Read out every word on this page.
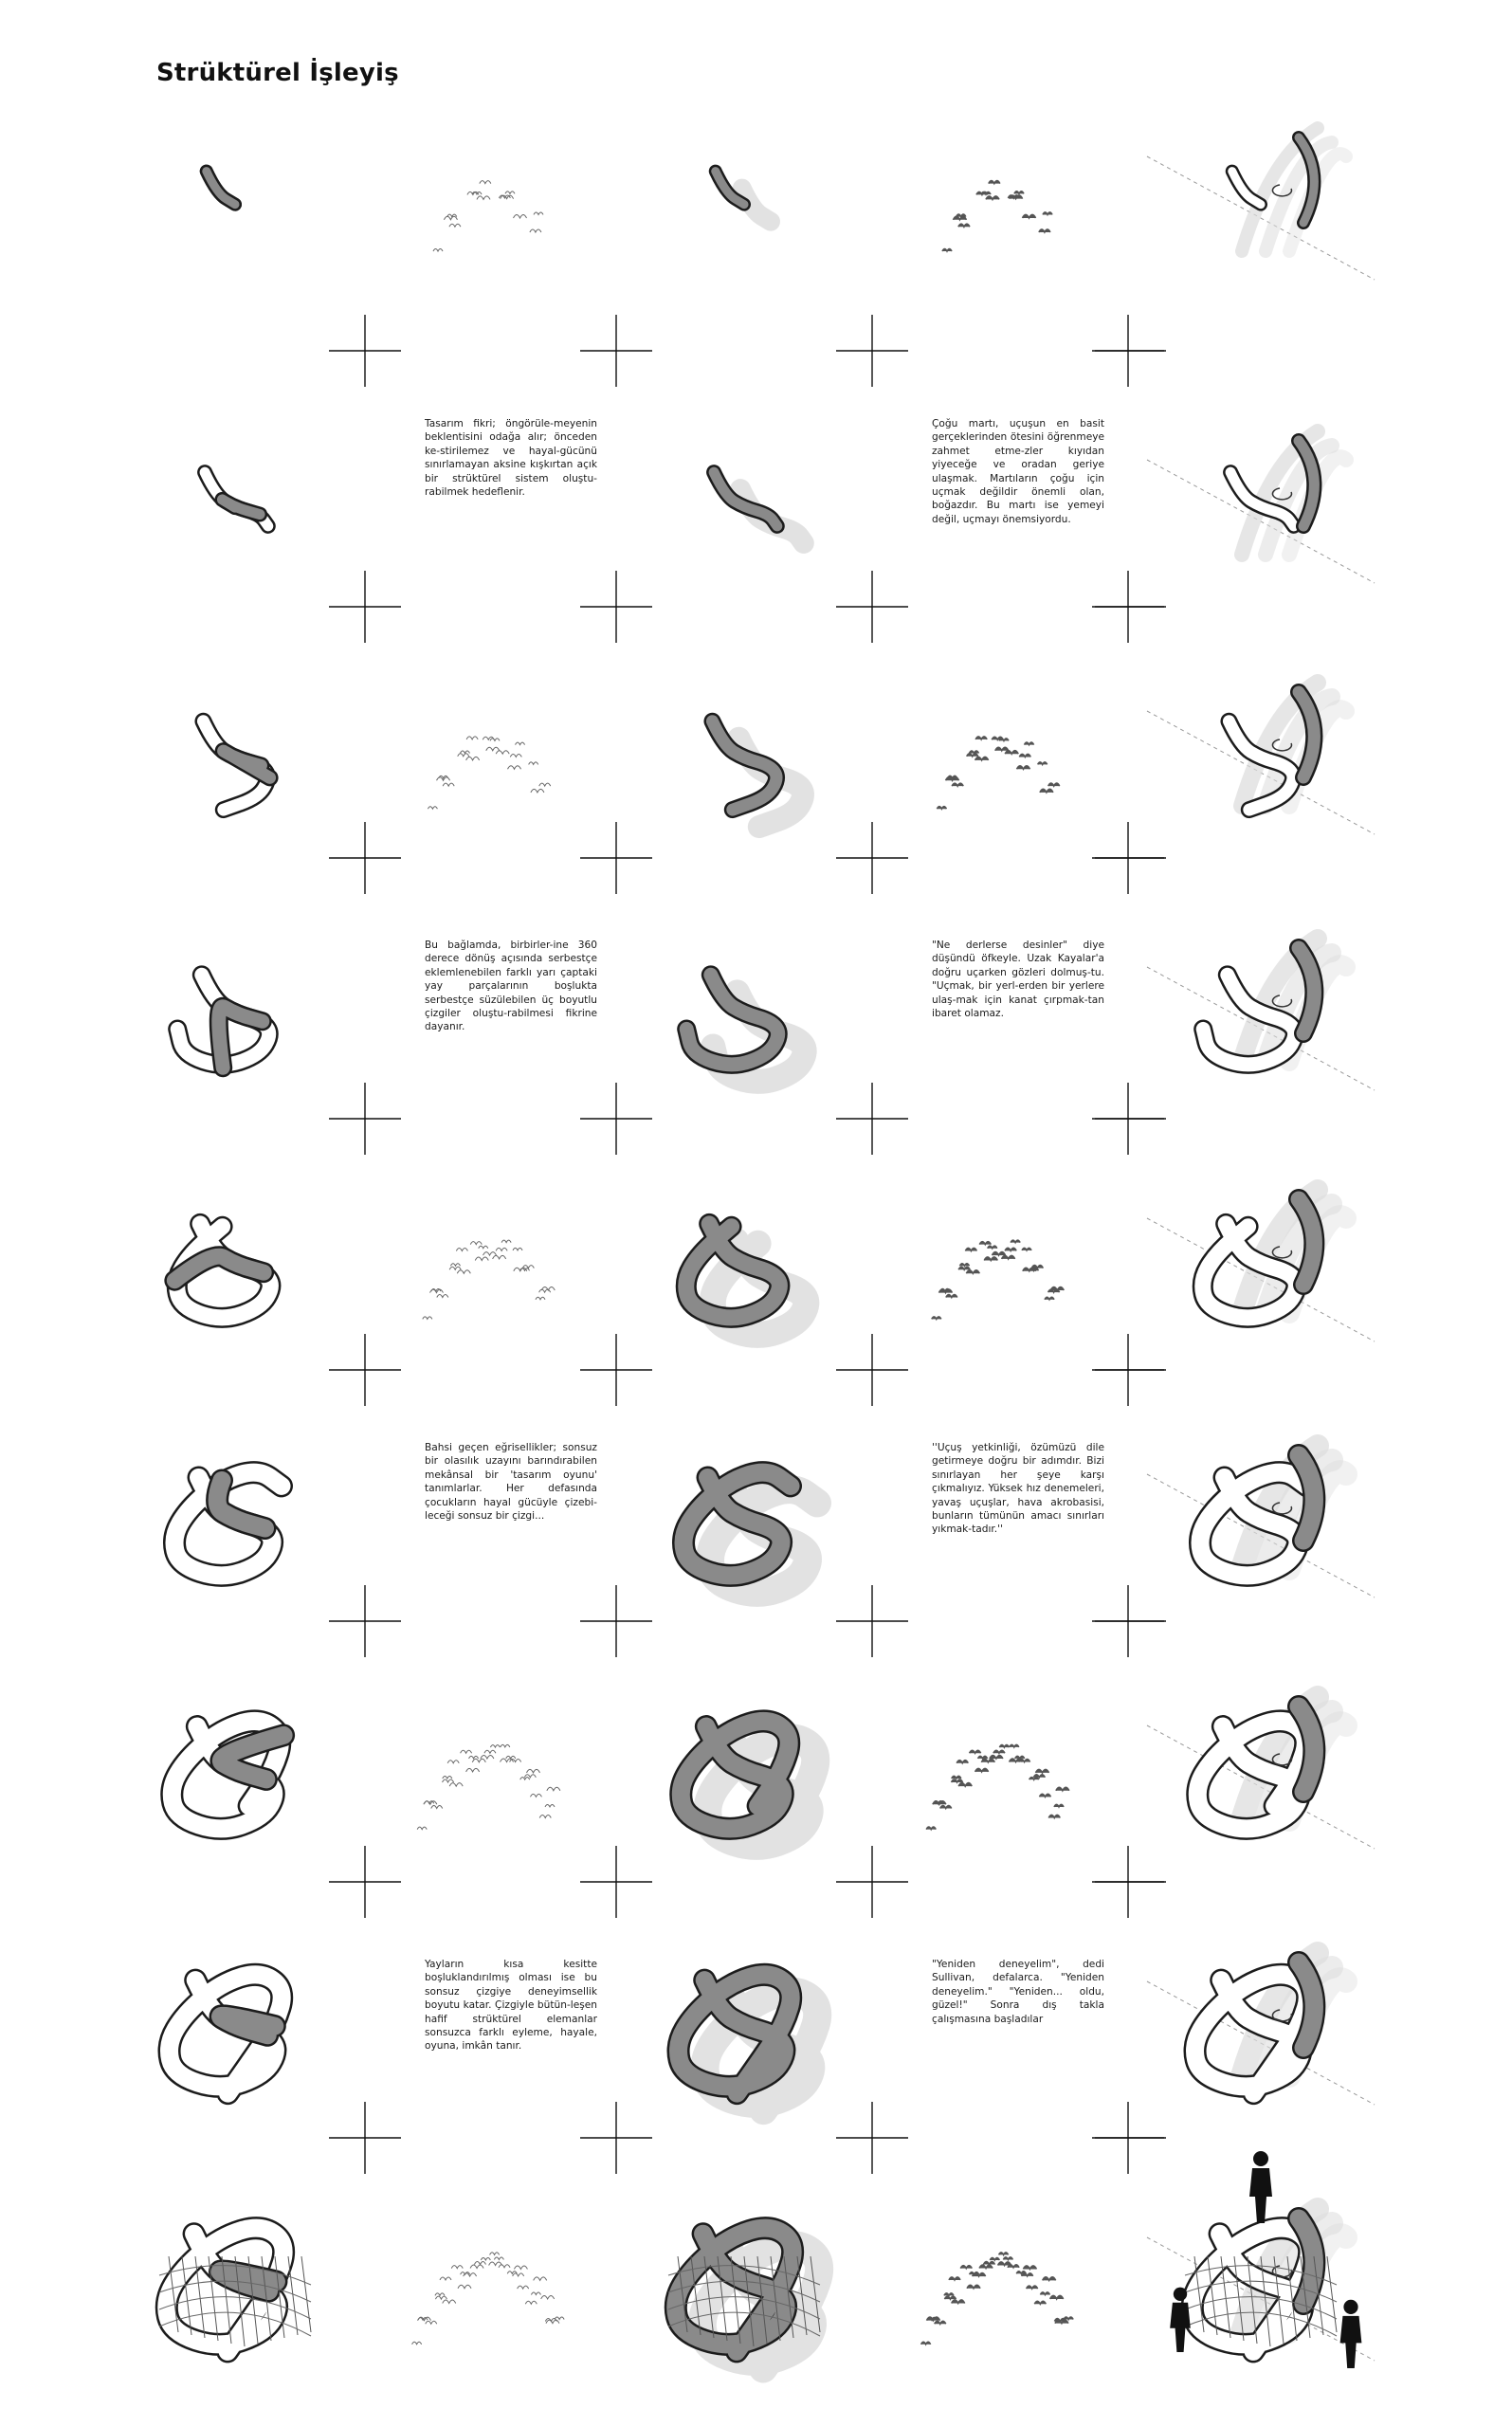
Strüktürel İşleyiş
Tasarım fikri; öngörüle-meyenin beklentisini odağa alır; önceden ke-stirilemez ve hayal-gücünü sınırlamayan aksine kışkırtan açık bir strüktürel sistem oluştu-rabilmek hedeflenir.
Çoğu martı, uçuşun en basit gerçeklerinden ötesini öğrenmeye zahmet etme-zler kıyıdan yiyeceğe ve oradan geriye ulaşmak. Martıların çoğu için uçmak değildir önemli olan, boğazdır. Bu martı ise yemeyi değil, uçmayı önemsiyordu.
Bu bağlamda, birbirler-ine 360 derece dönüş açısında serbestçe eklemlenebilen farklı yarı çaptaki yay parçalarının boşlukta serbestçe süzülebilen üç boyutlu çizgiler oluştu-rabilmesi fikrine dayanır.
"Ne derlerse desinler" diye düşündü öfkeyle. Uzak Kayalar'a doğru uçarken gözleri dolmuş-tu. "Uçmak, bir yerl-erden bir yerlere ulaş-mak için kanat çırpmak-tan ibaret olamaz.
Bahsi geçen eğrisellikler; sonsuz bir olasılık uzayını barındırabilen mekânsal bir 'tasarım oyunu' tanımlarlar. Her defasında çocukların hayal gücüyle çizebi-leceği sonsuz bir çizgi...
''Uçuş yetkinliği, özümüzü dile getirmeye doğru bir adımdır. Bizi sınırlayan her şeye karşı çıkmalıyız. Yüksek hız denemeleri, yavaş uçuşlar, hava akrobasisi, bunların tümünün amacı sınırları yıkmak-tadır.''
Yayların kısa kesitte boşluklandırılmış olması ise bu sonsuz çizgiye deneyimsellik boyutu katar. Çizgiyle bütün-leşen hafif strüktürel elemanlar sonsuzca farklı eyleme, hayale, oyuna, imkân tanır.
"Yeniden deneyelim", dedi Sullivan, defalarca. "Yeniden deneyelim." "Yeniden... oldu, güzel!" Sonra dış takla çalışmasına başladılar
